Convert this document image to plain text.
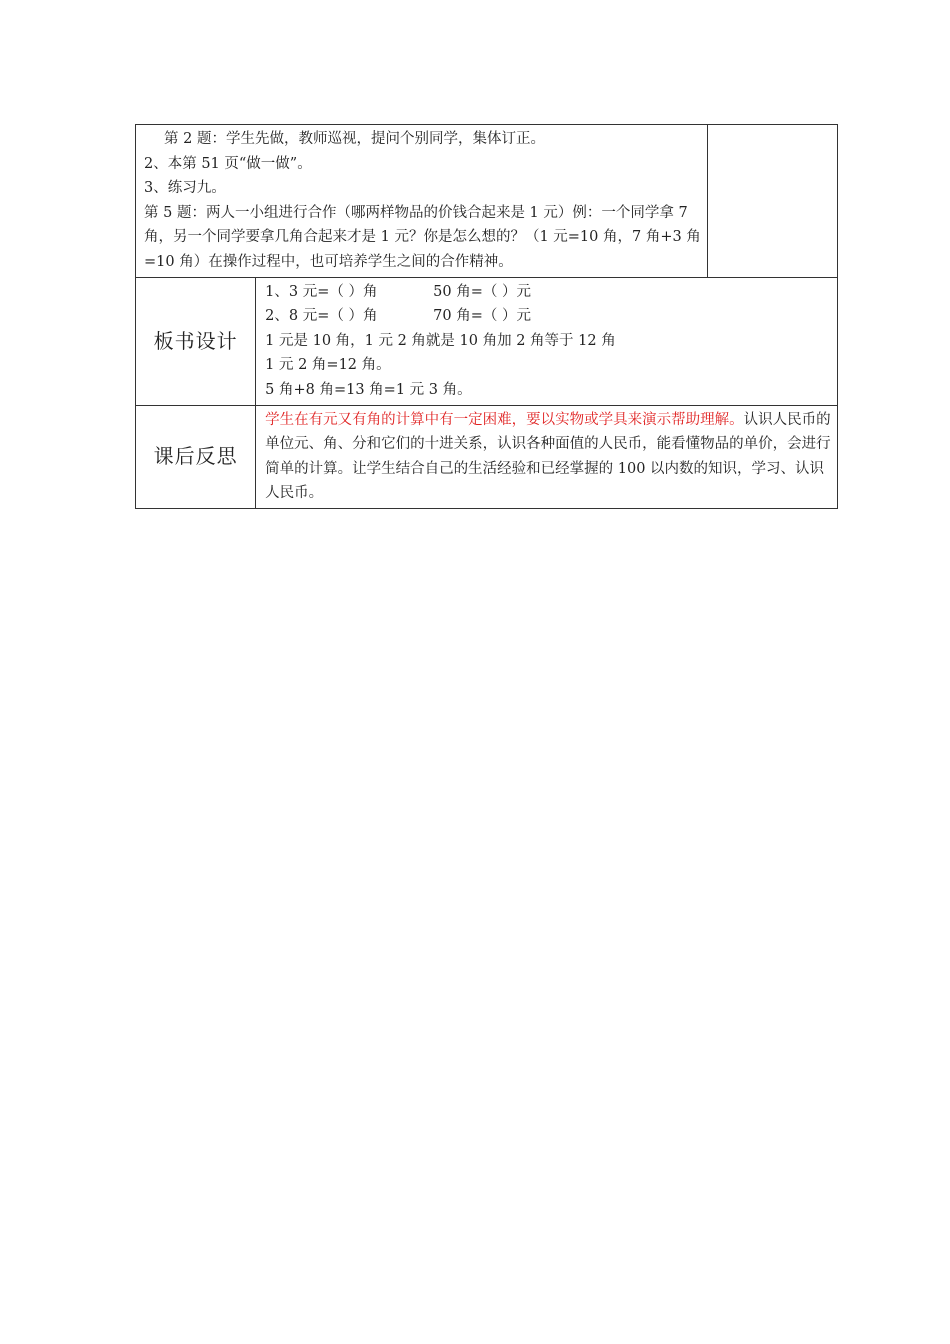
第 2 题：学生先做，教师巡视，提问个别同学，集体订正。

2、本第 51 页“做一做”。

3、练习九。

第 5 题：两人一小组进行合作（哪两样物品的价钱合起来是 1 元）例：一个同学拿 7 角，另一个同学要拿几角合起来才是 1 元？你是怎么想的？（1 元=10 角，7 角+3 角=10 角）在操作过程中，也可培养学生之间的合作精神。		

板书设计	1、3 元=（ ）角 50 角=（ ）元

2、8 元=（ ）角 70 角=（ ）元

1 元是 10 角，1 元 2 角就是 10 角加 2 角等于 12 角

1 元 2 角=12 角。

5 角+8 角=13 角=1 元 3 角。	

课后反思	学生在有元又有角的计算中有一定困难，要以实物或学具来演示帮助理解。认识人民币的单位元、角、分和它们的十进关系，认识各种面值的人民币，能看懂物品的单价，会进行简单的计算。让学生结合自己的生活经验和已经掌握的 100 以内数的知识，学习、认识人民币。	
